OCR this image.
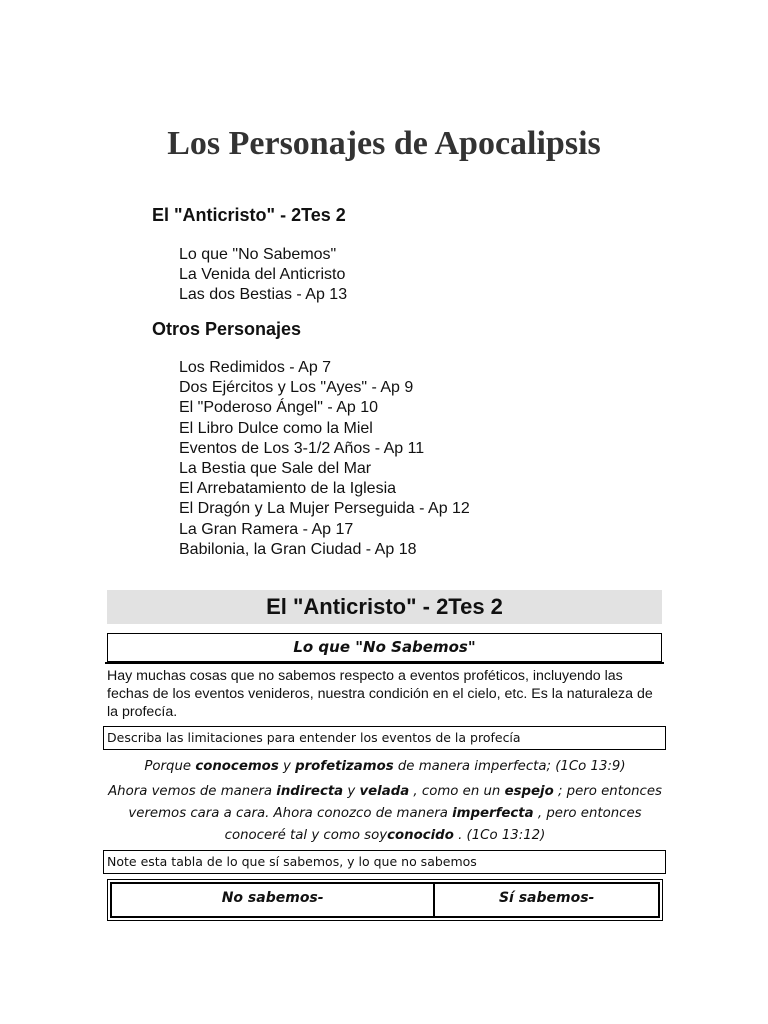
Los Personajes de Apocalipsis
El "Anticristo" - 2Tes 2
Lo que "No Sabemos"
La Venida del Anticristo
Las dos Bestias - Ap 13
Otros Personajes
Los Redimidos - Ap 7
Dos Ejércitos y Los "Ayes" - Ap 9
El "Poderoso Ángel" - Ap 10
El Libro Dulce como la Miel
Eventos de Los 3-1/2 Años - Ap 11
La Bestia que Sale del Mar
El Arrebatamiento de la Iglesia
El Dragón y La Mujer Perseguida - Ap 12
La Gran Ramera - Ap 17
Babilonia, la Gran Ciudad - Ap 18
El "Anticristo" - 2Tes 2
Lo que "No Sabemos"

Hay muchas cosas que no sabemos respecto a eventos proféticos, incluyendo las fechas de los eventos venideros, nuestra condición en el cielo, etc. Es la naturaleza de la profecía.

Describa las limitaciones para entender los eventos de la profecía

Porque conocemos y profetizamos de manera imperfecta; (1Co 13:9)

Ahora vemos de manera indirecta y velada , como en un espejo ; pero entonces veremos cara a cara. Ahora conozco de manera imperfecta , pero entonces conoceré tal y como soyconocido . (1Co 13:12)

Note esta tabla de lo que sí sabemos, y lo que no sabemos
No sabemos-	Sí sabemos-
